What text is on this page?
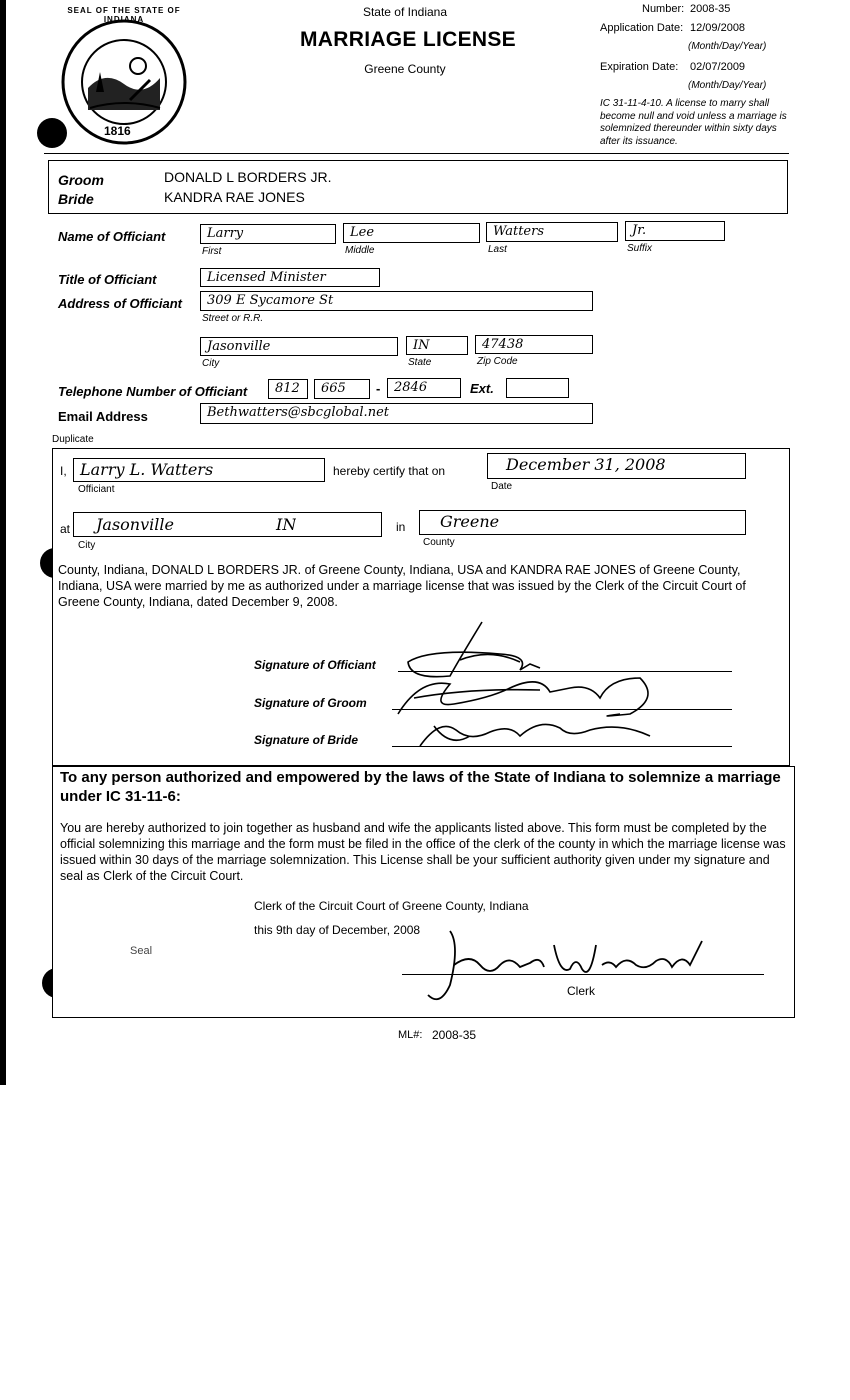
SEAL OF THE STATE OF INDIANA
1816
State of Indiana
MARRIAGE LICENSE
Greene County
Number: 2008-35
Application Date: 12/09/2008
(Month/Day/Year)
Expiration Date: 02/07/2009
(Month/Day/Year)
IC 31-11-4-10. A license to marry shall become null and void unless a marriage is solemnized thereunder within sixty days after its issuance.
Groom	DONALD L BORDERS JR.
Bride	KANDRA RAE JONES
Name of Officiant	Larry
First
Lee
Middle
Watters
Last
Jr.
Suffix
Title of Officiant	Licensed Minister
Address of Officiant	309 E Sycamore St
Street or R.R.
Jasonville
City
IN
State
47438
Zip Code
Telephone Number of Officiant	812	665	-	2846	Ext.
Email Address	Bethwatters@sbcglobal.net
Duplicate
I, Larry L. Watters
Officiant
hereby certify that on	December 31, 2008
Date
at	Jasonville	IN
City
in	Greene
County
County, Indiana, DONALD L BORDERS JR. of Greene County, Indiana, USA and KANDRA RAE JONES of Greene County, Indiana, USA were married by me as authorized under a marriage license that was issued by the Clerk of the Circuit Court of Greene County, Indiana, dated December 9, 2008.
Signature of Officiant
Signature of Groom
Signature of Bride
To any person authorized and empowered by the laws of the State of Indiana to solemnize a marriage under IC 31-11-6:
You are hereby authorized to join together as husband and wife the applicants listed above. This form must be completed by the official solemnizing this marriage and the form must be filed in the office of the clerk of the county in which the marriage license was issued within 30 days of the marriage solemnization. This License shall be your sufficient authority given under my signature and seal as Clerk of the Circuit Court.
Clerk of the Circuit Court of Greene County, Indiana
this 9th day of December, 2008
Seal
Clerk
ML#: 2008-35
